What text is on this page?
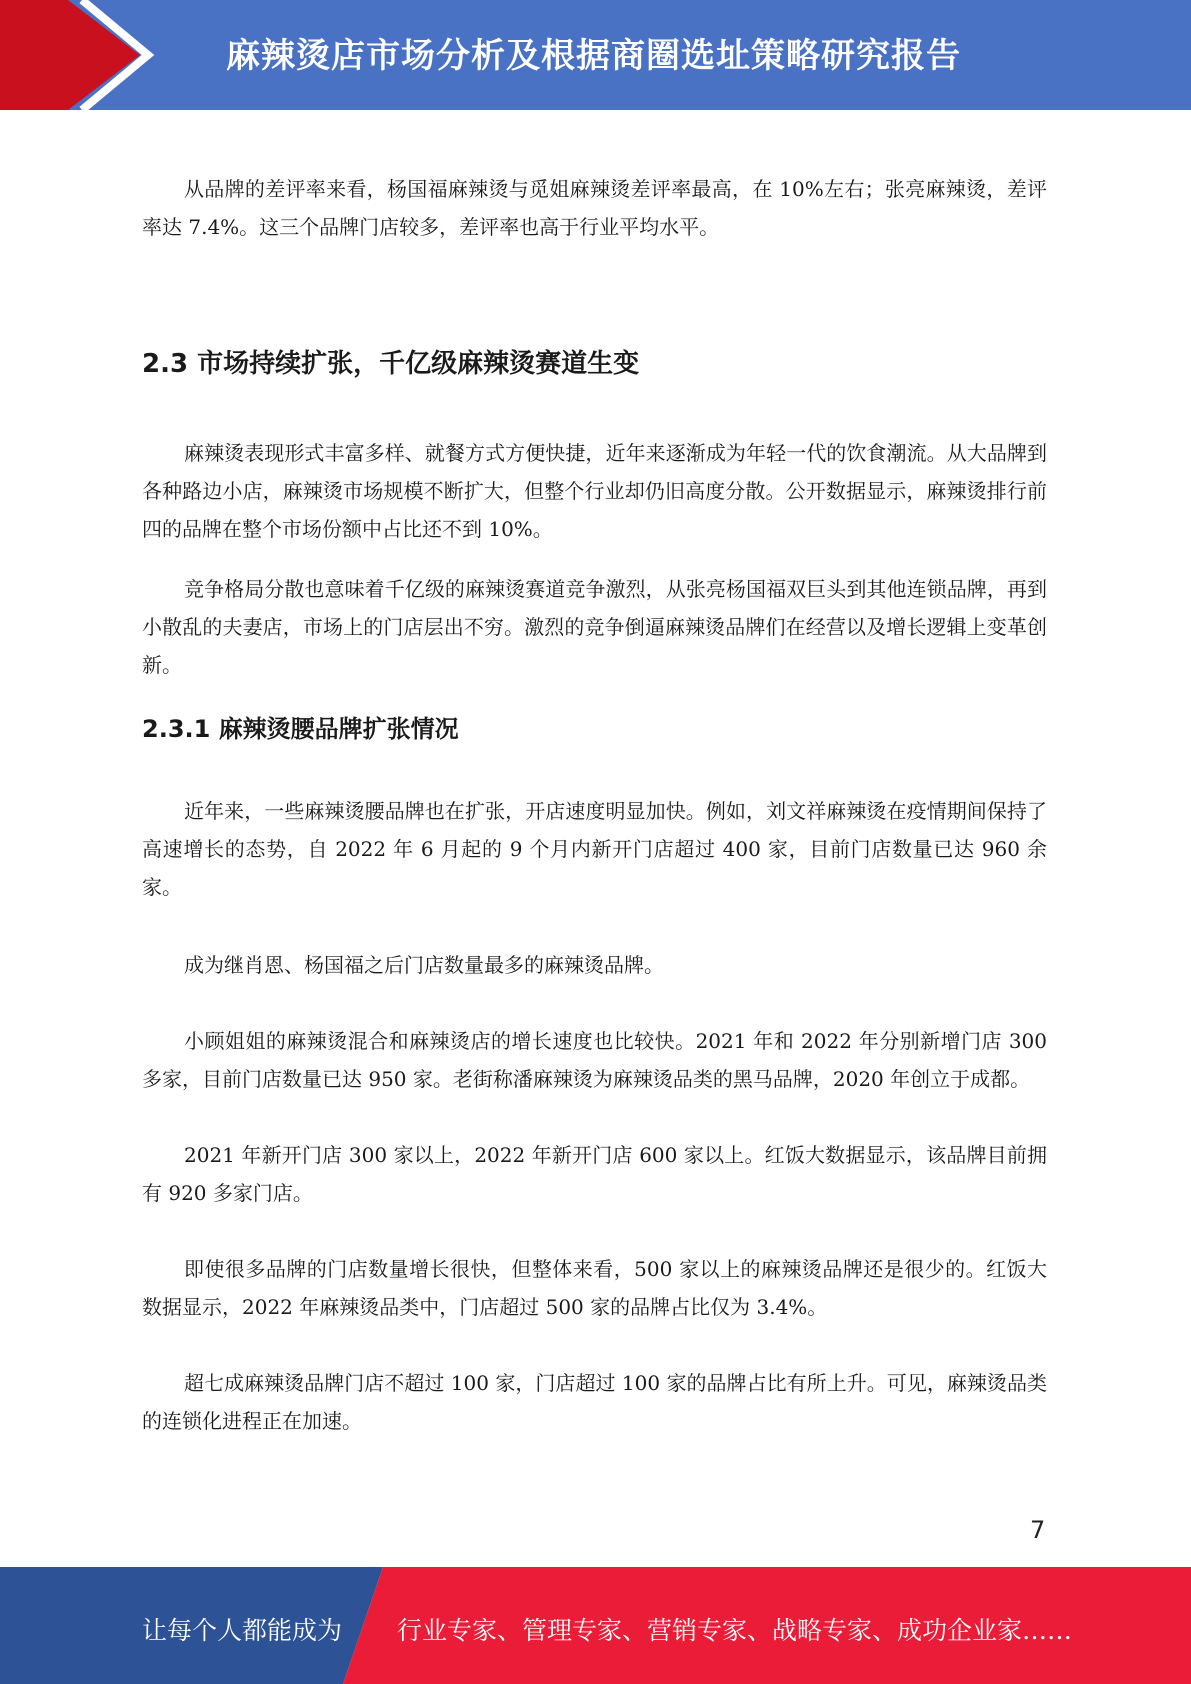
麻辣烫店市场分析及根据商圈选址策略研究报告

从品牌的差评率来看，杨国福麻辣烫与觅姐麻辣烫差评率最高，在 10%左右；张亮麻辣烫，差评率达 7.4%。这三个品牌门店较多，差评率也高于行业平均水平。

2.3 市场持续扩张，千亿级麻辣烫赛道生变

麻辣烫表现形式丰富多样、就餐方式方便快捷，近年来逐渐成为年轻一代的饮食潮流。从大品牌到各种路边小店，麻辣烫市场规模不断扩大，但整个行业却仍旧高度分散。公开数据显示，麻辣烫排行前四的品牌在整个市场份额中占比还不到 10%。

竞争格局分散也意味着千亿级的麻辣烫赛道竞争激烈，从张亮杨国福双巨头到其他连锁品牌，再到小散乱的夫妻店，市场上的门店层出不穷。激烈的竞争倒逼麻辣烫品牌们在经营以及增长逻辑上变革创新。

2.3.1 麻辣烫腰品牌扩张情况

近年来，一些麻辣烫腰品牌也在扩张，开店速度明显加快。例如，刘文祥麻辣烫在疫情期间保持了高速增长的态势，自 2022 年 6 月起的 9 个月内新开门店超过 400 家，目前门店数量已达 960 余家。

成为继肖恩、杨国福之后门店数量最多的麻辣烫品牌。

小顾姐姐的麻辣烫混合和麻辣烫店的增长速度也比较快。2021 年和 2022 年分别新增门店 300 多家，目前门店数量已达 950 家。老街称潘麻辣烫为麻辣烫品类的黑马品牌，2020 年创立于成都。

2021 年新开门店 300 家以上，2022 年新开门店 600 家以上。红饭大数据显示，该品牌目前拥有 920 多家门店。

即使很多品牌的门店数量增长很快，但整体来看，500 家以上的麻辣烫品牌还是很少的。红饭大数据显示，2022 年麻辣烫品类中，门店超过 500 家的品牌占比仅为 3.4%。

超七成麻辣烫品牌门店不超过 100 家，门店超过 100 家的品牌占比有所上升。可见，麻辣烫品类的连锁化进程正在加速。

7
让每个人都能成为 行业专家、管理专家、营销专家、战略专家、成功企业家……
